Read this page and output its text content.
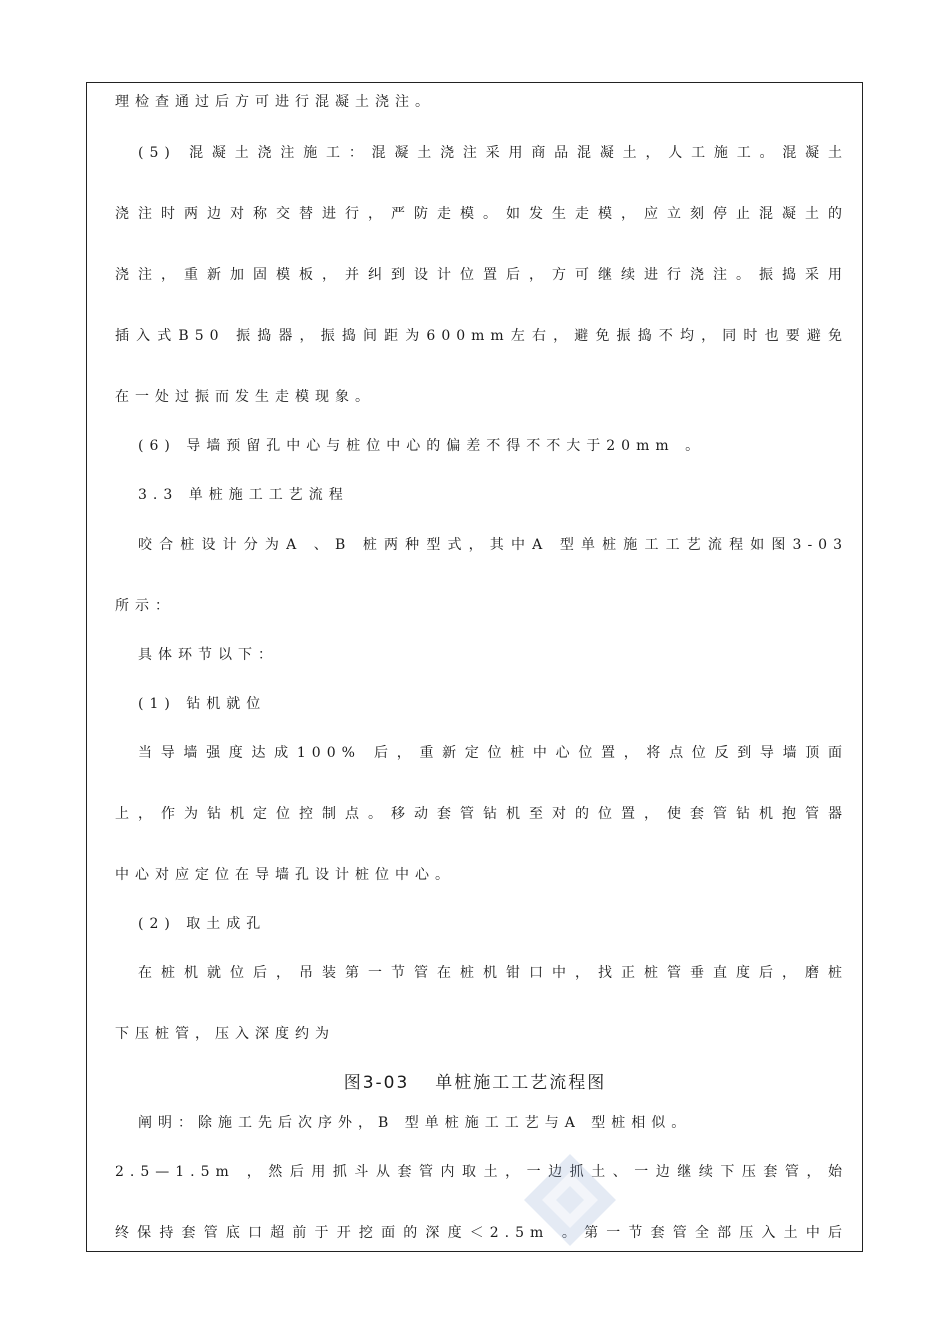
理检查通过后方可进行混凝土浇注。
(5) 混凝土浇注施工：混凝土浇注采用商品混凝土，人工施工。混凝土
浇注时两边对称交替进行，严防走模。如发生走模，应立刻停止混凝土的
浇注，重新加固模板，并纠到设计位置后，方可继续进行浇注。振捣采用
插入式B50 振捣器，振捣间距为600mm左右，避免振捣不均，同时也要避免
在一处过振而发生走模现象。
(6) 导墙预留孔中心与桩位中心的偏差不得不不大于20mm 。
3.3 单桩施工工艺流程
咬合桩设计分为A 、B 桩两种型式，其中A 型单桩施工工艺流程如图3-03
所示：
具体环节以下：
(1) 钻机就位
当导墙强度达成100% 后，重新定位桩中心位置，将点位反到导墙顶面
上，作为钻机定位控制点。移动套管钻机至对的位置，使套管钻机抱管器
中心对应定位在导墙孔设计桩位中心。
(2) 取土成孔
在桩机就位后，吊装第一节管在桩机钳口中，找正桩管垂直度后，磨桩
下压桩管，压入深度约为
图3-03 单桩施工工艺流程图
阐明：除施工先后次序外，B 型单桩施工工艺与A 型桩相似。
2.5—1.5m ，然后用抓斗从套管内取土，一边抓土、一边继续下压套管，始
终保持套管底口超前于开挖面的深度＜2.5m 。第一节套管全部压入土中后
